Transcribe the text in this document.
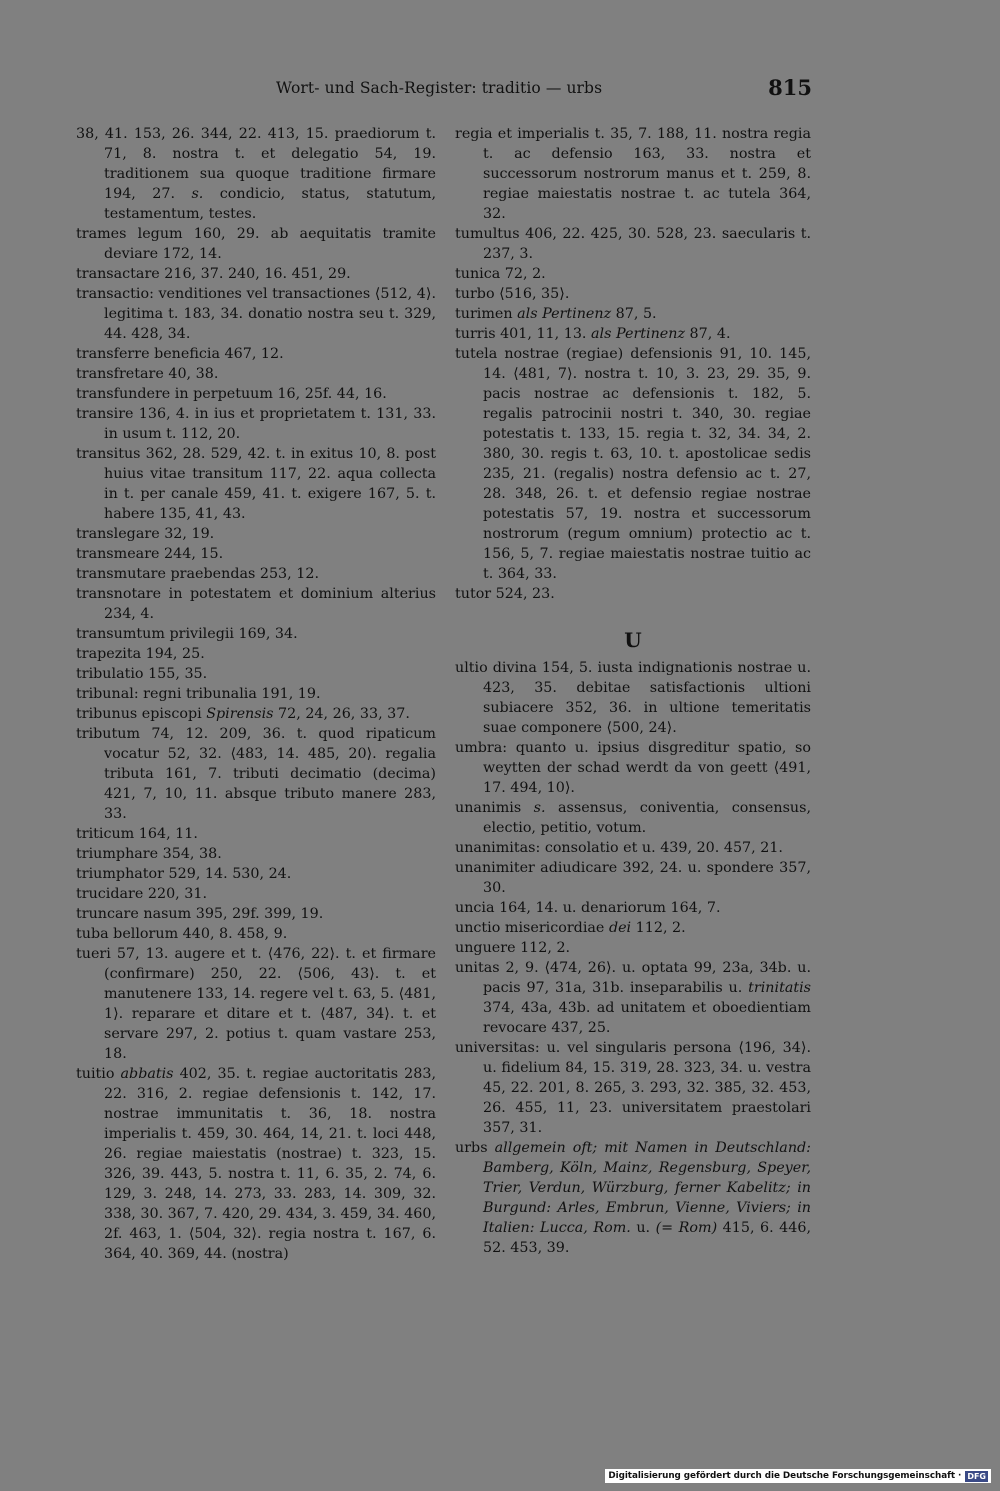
Wort- und Sach-Register: traditio — urbs	815
38, 41. 153, 26. 344, 22. 413, 15. praediorum t. 71, 8. nostra t. et delegatio 54, 19. traditionem sua quoque traditione firmare 194, 27. s. condicio, status, statutum, testamentum, testes.
trames legum 160, 29. ab aequitatis tramite deviare 172, 14.
transactare 216, 37. 240, 16. 451, 29.
transactio: venditiones vel transactiones ⟨512, 4⟩. legitima t. 183, 34. donatio nostra seu t. 329, 44. 428, 34.
transferre beneficia 467, 12.
transfretare 40, 38.
transfundere in perpetuum 16, 25f. 44, 16.
transire 136, 4. in ius et proprietatem t. 131, 33. in usum t. 112, 20.
transitus 362, 28. 529, 42. t. in exitus 10, 8. post huius vitae transitum 117, 22. aqua collecta in t. per canale 459, 41. t. exigere 167, 5. t. habere 135, 41, 43.
translegare 32, 19.
transmeare 244, 15.
transmutare praebendas 253, 12.
transnotare in potestatem et dominium alterius 234, 4.
transumtum privilegii 169, 34.
trapezita 194, 25.
tribulatio 155, 35.
tribunal: regni tribunalia 191, 19.
tribunus episcopi Spirensis 72, 24, 26, 33, 37.
tributum 74, 12. 209, 36. t. quod ripaticum vocatur 52, 32. ⟨483, 14. 485, 20⟩. regalia tributa 161, 7. tributi decimatio (decima) 421, 7, 10, 11. absque tributo manere 283, 33.
triticum 164, 11.
triumphare 354, 38.
triumphator 529, 14. 530, 24.
trucidare 220, 31.
truncare nasum 395, 29f. 399, 19.
tuba bellorum 440, 8. 458, 9.
tueri 57, 13. augere et t. ⟨476, 22⟩. t. et firmare (confirmare) 250, 22. ⟨506, 43⟩. t. et manutenere 133, 14. regere vel t. 63, 5. ⟨481, 1⟩. reparare et ditare et t. ⟨487, 34⟩. t. et servare 297, 2. potius t. quam vastare 253, 18.
tuitio abbatis 402, 35. t. regiae auctoritatis 283, 22. 316, 2. regiae defensionis t. 142, 17. nostrae immunitatis t. 36, 18. nostra imperialis t. 459, 30. 464, 14, 21. t. loci 448, 26. regiae maiestatis (nostrae) t. 323, 15. 326, 39. 443, 5. nostra t. 11, 6. 35, 2. 74, 6. 129, 3. 248, 14. 273, 33. 283, 14. 309, 32. 338, 30. 367, 7. 420, 29. 434, 3. 459, 34. 460, 2f. 463, 1. ⟨504, 32⟩. regia nostra t. 167, 6. 364, 40. 369, 44. (nostra)
regia et imperialis t. 35, 7. 188, 11. nostra regia t. ac defensio 163, 33. nostra et successorum nostrorum manus et t. 259, 8. regiae maiestatis nostrae t. ac tutela 364, 32.
tumultus 406, 22. 425, 30. 528, 23. saecularis t. 237, 3.
tunica 72, 2.
turbo ⟨516, 35⟩.
turimen als Pertinenz 87, 5.
turris 401, 11, 13. als Pertinenz 87, 4.
tutela nostrae (regiae) defensionis 91, 10. 145, 14. ⟨481, 7⟩. nostra t. 10, 3. 23, 29. 35, 9. pacis nostrae ac defensionis t. 182, 5. regalis patrocinii nostri t. 340, 30. regiae potestatis t. 133, 15. regia t. 32, 34. 34, 2. 380, 30. regis t. 63, 10. t. apostolicae sedis 235, 21. (regalis) nostra defensio ac t. 27, 28. 348, 26. t. et defensio regiae nostrae potestatis 57, 19. nostra et successorum nostrorum (regum omnium) protectio ac t. 156, 5, 7. regiae maiestatis nostrae tuitio ac t. 364, 33.
tutor 524, 23.
U
ultio divina 154, 5. iusta indignationis nostrae u. 423, 35. debitae satisfactionis ultioni subiacere 352, 36. in ultione temeritatis suae componere ⟨500, 24⟩.
umbra: quanto u. ipsius disgreditur spatio, so weytten der schad werdt da von geett ⟨491, 17. 494, 10⟩.
unanimis s. assensus, coniventia, consensus, electio, petitio, votum.
unanimitas: consolatio et u. 439, 20. 457, 21.
unanimiter adiudicare 392, 24. u. spondere 357, 30.
uncia 164, 14. u. denariorum 164, 7.
unctio misericordiae dei 112, 2.
unguere 112, 2.
unitas 2, 9. ⟨474, 26⟩. u. optata 99, 23a, 34b. u. pacis 97, 31a, 31b. inseparabilis u. trinitatis 374, 43a, 43b. ad unitatem et oboedientiam revocare 437, 25.
universitas: u. vel singularis persona ⟨196, 34⟩. u. fidelium 84, 15. 319, 28. 323, 34. u. vestra 45, 22. 201, 8. 265, 3. 293, 32. 385, 32. 453, 26. 455, 11, 23. universitatem praestolari 357, 31.
urbs allgemein oft; mit Namen in Deutschland: Bamberg, Köln, Mainz, Regensburg, Speyer, Trier, Verdun, Würzburg, ferner Kabelitz; in Burgund: Arles, Embrun, Vienne, Viviers; in Italien: Lucca, Rom. u. (= Rom) 415, 6. 446, 52. 453, 39.
Digitalisierung gefördert durch die Deutsche Forschungsgemeinschaft · DFG
